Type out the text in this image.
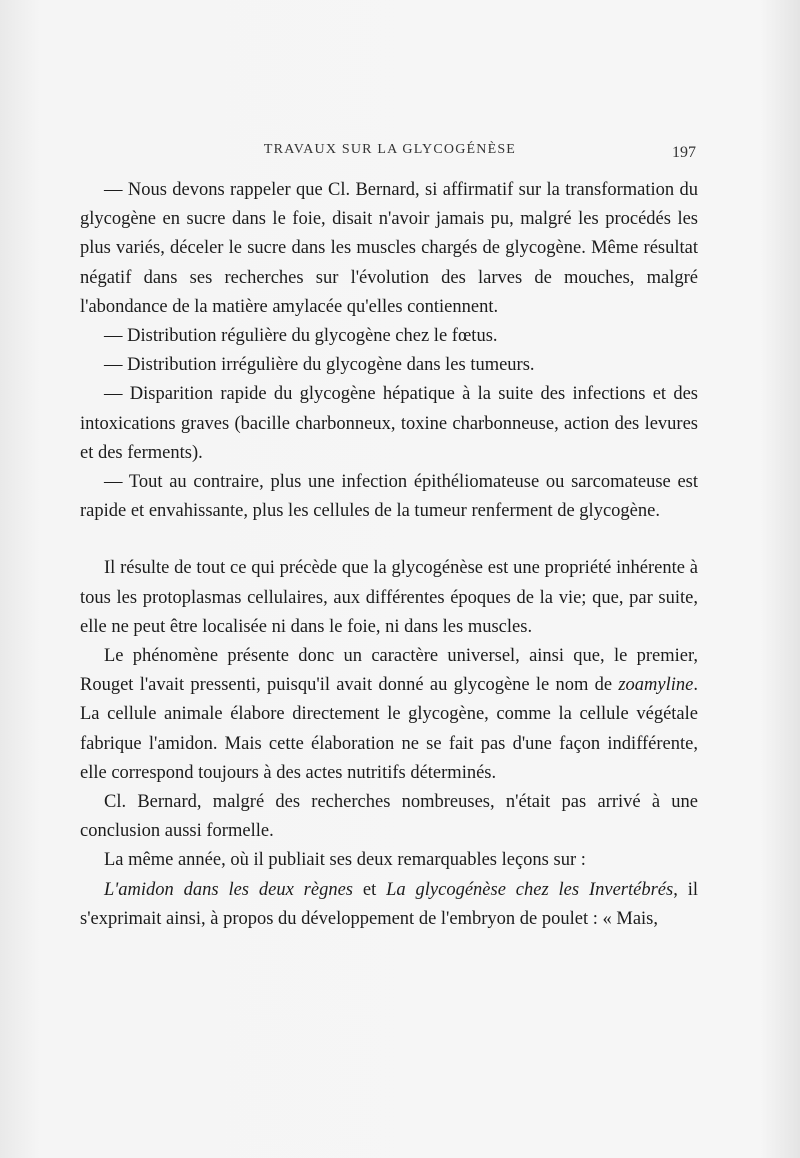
TRAVAUX SUR LA GLYCOGÉNÈSE	197

— Nous devons rappeler que Cl. Bernard, si affirmatif sur la transformation du glycogène en sucre dans le foie, disait n'avoir jamais pu, malgré les procédés les plus variés, déceler le sucre dans les muscles chargés de glycogène. Même résultat négatif dans ses recherches sur l'évolution des larves de mouches, malgré l'abondance de la matière amylacée qu'elles contiennent.

— Distribution régulière du glycogène chez le fœtus.

— Distribution irrégulière du glycogène dans les tumeurs.

— Disparition rapide du glycogène hépatique à la suite des infections et des intoxications graves (bacille charbonneux, toxine charbonneuse, action des levures et des ferments).

— Tout au contraire, plus une infection épithéliomateuse ou sarcomateuse est rapide et envahissante, plus les cellules de la tumeur renferment de glycogène.

Il résulte de tout ce qui précède que la glycogénèse est une propriété inhérente à tous les protoplasmas cellulaires, aux différentes époques de la vie; que, par suite, elle ne peut être localisée ni dans le foie, ni dans les muscles.

Le phénomène présente donc un caractère universel, ainsi que, le premier, Rouget l'avait pressenti, puisqu'il avait donné au glycogène le nom de zoamyline. La cellule animale élabore directement le glycogène, comme la cellule végétale fabrique l'amidon. Mais cette élaboration ne se fait pas d'une façon indifférente, elle correspond toujours à des actes nutritifs déterminés.

Cl. Bernard, malgré des recherches nombreuses, n'était pas arrivé à une conclusion aussi formelle.

La même année, où il publiait ses deux remarquables leçons sur :

L'amidon dans les deux règnes et La glycogénèse chez les Invertébrés, il s'exprimait ainsi, à propos du développement de l'embryon de poulet : « Mais,
